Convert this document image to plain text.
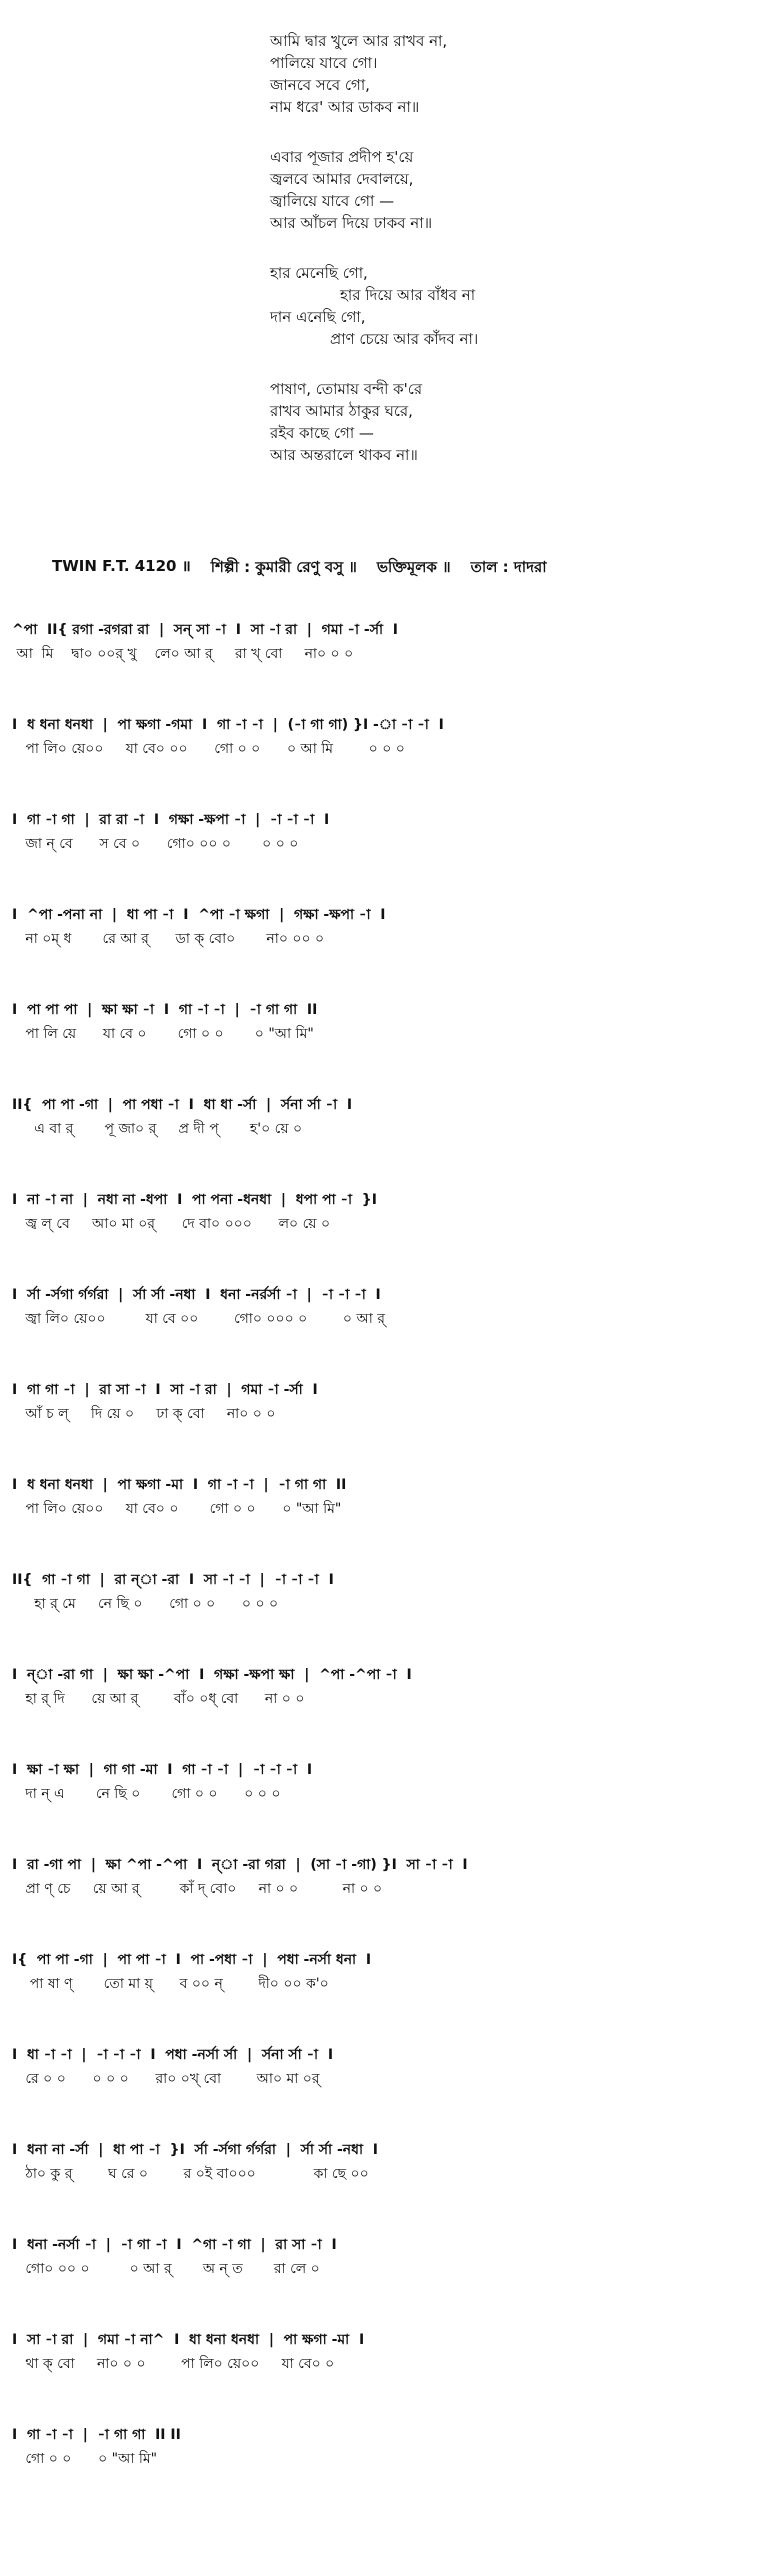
আমি দ্বার খুলে আর রাখব না,
পালিয়ে যাবে গো।
জানবে সবে গো,
নাম ধরে' আর ডাকব না॥
এবার পূজার প্রদীপ হ'য়ে
জ্বলবে আমার দেবালয়ে,
জ্বালিয়ে যাবে গো —
আর আঁচল দিয়ে ঢাকব না॥
হার মেনেছি গো,
হার দিয়ে আর বাঁধব না
দান এনেছি গো,
প্রাণ চেয়ে আর কাঁদব না।
পাষাণ, তোমায় বন্দী ক'রে
রাখব আমার ঠাকুর ঘরে,
রইব কাছে গো —
আর অন্তরালে থাকব না॥
TWIN F.T. 4120 ॥ শিল্পী : কুমারী রেণু বসু ॥ ভক্তিমূলক ॥ তাল : দাদরা
^পা  II{ রগা -রগরা রা  |  সন্ সা -া  I  সা -া রা  |  গমা -া -র্সা  I
আ  মি    দ্বা০ ০০র্ খু    লে০ আ র্     রা খ্ বো     না০ ০ ০
I  ধ ধনা ধনধা  |  পা ক্ষগা -গমা  I  গা -া -া  |  (-া গা গা) }I -া -া -া  I
পা লি০ য়ে০০     যা বে০ ০০      গো ০ ০      ০ আ মি        ০ ০ ০
I  গা -া গা  |  রা রা -া  I  গক্ষা -ক্ষপা -া  |  -া -া -া  I
জা ন্ বে      স বে ০      গো০ ০০ ০       ০ ০ ০
I  ^পা -পনা না  |  ধা পা -া  I  ^পা -া ক্ষগা  |  গক্ষা -ক্ষপা -া  I
না ০ম্ ধ       রে আ র্      ডা ক্ বো০       না০ ০০ ০
I  পা পা পা  |  ক্ষা ক্ষা -া  I  গা -া -া  |  -া গা গা  II
পা লি য়ে      যা বে ০       গো ০ ০       ০ "আ মি"
II{  পা পা -গা  |  পা পধা -া  I  ধা ধা -র্সা  |  র্সনা র্সা -া  I
এ বা র্       পূ জা০ র্     প্র দী প্       হ'০ য়ে ০
I  না -া না  |  নধা না -ধপা  I  পা পনা -ধনধা  |  ধপা পা -া  }I
জ্ব ল্ বে     আ০ মা ০র্      দে বা০ ০০০      ল০ য়ে ০
I  র্সা -র্সগা র্গর্গরা  |  র্সা র্সা -নধা  I  ধনা -নর্রর্সা -া  |  -া -া -া  I
জ্বা লি০ য়ে০০         যা বে ০০        গো০ ০০০ ০        ০ আ র্
I  গা গা -া  |  রা সা -া  I  সা -া রা  |  গমা -া -র্সা  I
আঁ চ ল্     দি য়ে ০     ঢা ক্ বো     না০ ০ ০
I  ধ ধনা ধনধা  |  পা ক্ষগা -মা  I  গা -া -া  |  -া গা গা  II
পা লি০ য়ে০০     যা বে০ ০       গো ০ ০      ০ "আ মি"
II{  গা -া গা  |  রা ন্‌া -রা  I  সা -া -া  |  -া -া -া  I
হা র্ মে     নে ছি ০      গো ০ ০      ০ ০ ০
I  ন্‌া -রা গা  |  ক্ষা ক্ষা -^পা  I  গক্ষা -ক্ষপা ক্ষা  |  ^পা -^পা -া  I
হা র্ দি      য়ে আ র্        বাঁ০ ০ধ্ বো      না ০ ০
I  ক্ষা -া ক্ষা  |  গা গা -মা  I  গা -া -া  |  -া -া -া  I
দা ন্ এ       নে ছি ০       গো ০ ০      ০ ০ ০
I  রা -গা পা  |  ক্ষা ^পা -^পা  I  ন্‌া -রা গরা  |  (সা -া -গা) }I  সা -া -া  I
প্রা ণ্ চে     য়ে আ র্         কাঁ দ্ বো০     না ০ ০          না ০ ০
I{  পা পা -গা  |  পা পা -া  I  পা -পধা -া  |  পধা -নর্সা ধনা  I
পা ষা ণ্       তো মা য়্      ব ০০ ন্        দী০ ০০ ক'০
I  ধা -া -া  |  -া -া -া  I  পধা -নর্সা র্সা  |  র্সনা র্সা -া  I
রে ০ ০      ০ ০ ০      রা০ ০খ্ বো        আ০ মা ০র্
I  ধনা না -র্সা  |  ধা পা -া  }I  র্সা -র্সগা র্গর্গরা  |  র্সা র্সা -নধা  I
ঠা০ কু র্        ঘ রে ০        র ০ই বা০০০             কা ছে ০০
I  ধনা -নর্সা -া  |  -া গা -া  I  ^গা -া গা  |  রা সা -া  I
গো০ ০০ ০         ০ আ র্       অ ন্ ত       রা লে ০
I  সা -া রা  |  গমা -া না^  I  ধা ধনা ধনধা  |  পা ক্ষগা -মা  I
থা ক্ বো     না০ ০ ০        পা লি০ য়ে০০     যা বে০ ০
I  গা -া -া  |  -া গা গা  II II
গো ০ ০      ০ "আ মি"
